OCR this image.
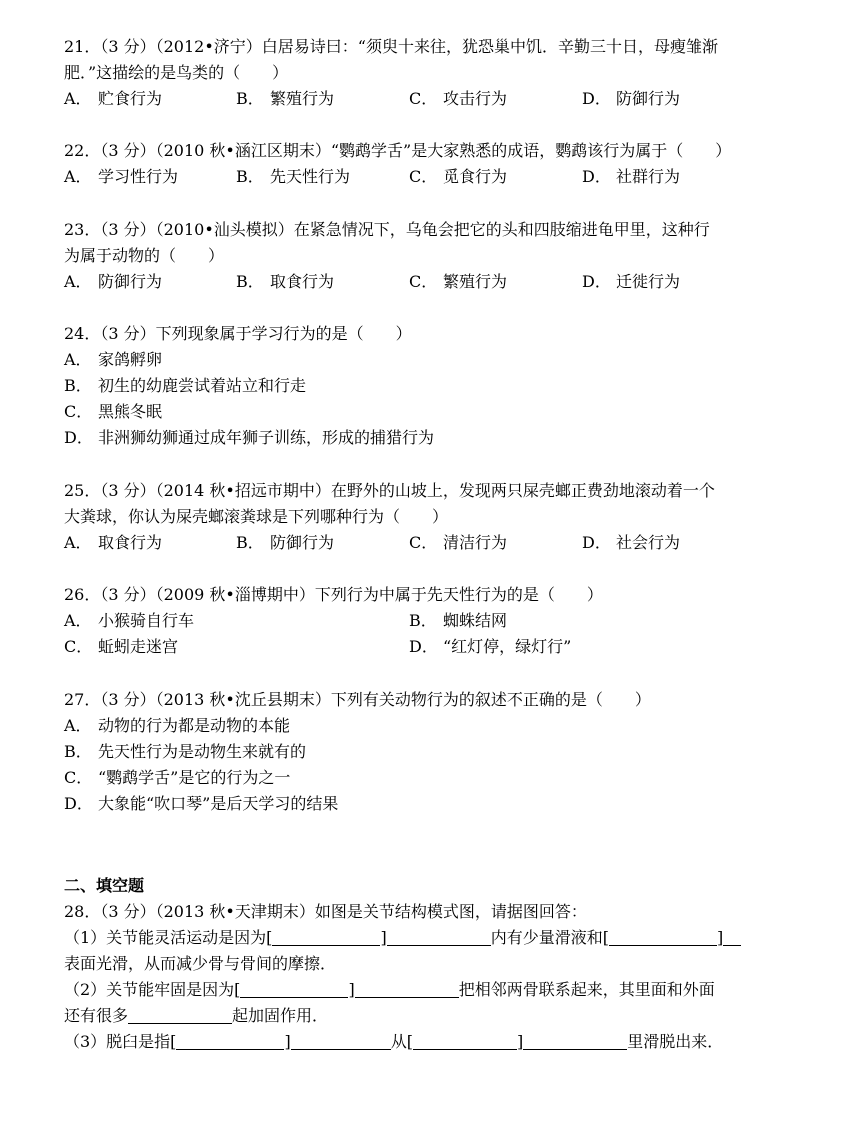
21．（3 分）（2012•济宁）白居易诗曰：“须臾十来往，犹恐巢中饥．辛勤三十日，母瘦雏渐
肥．”这描绘的是鸟类的（　　）
A． 贮食行为	B． 繁殖行为	C． 攻击行为	D． 防御行为
22．（3 分）（2010 秋•涵江区期末）“鹦鹉学舌”是大家熟悉的成语，鹦鹉该行为属于（　　）
A． 学习性行为	B． 先天性行为	C． 觅食行为	D． 社群行为
23．（3 分）（2010•汕头模拟）在紧急情况下，乌龟会把它的头和四肢缩进龟甲里，这种行
为属于动物的（　　）
A． 防御行为	B． 取食行为	C． 繁殖行为	D． 迁徙行为
24．（3 分）下列现象属于学习行为的是（　　）
A． 家鸽孵卵
B． 初生的幼鹿尝试着站立和行走
C． 黑熊冬眠
D． 非洲狮幼狮通过成年狮子训练，形成的捕猎行为
25．（3 分）（2014 秋•招远市期中）在野外的山坡上，发现两只屎壳螂正费劲地滚动着一个
大粪球，你认为屎壳螂滚粪球是下列哪种行为（　　）
A． 取食行为	B． 防御行为	C． 清洁行为	D． 社会行为
26．（3 分）（2009 秋•淄博期中）下列行为中属于先天性行为的是（　　）
A． 小猴骑自行车	B． 蜘蛛结网
C． 蚯蚓走迷宫	D． “红灯停，绿灯行”
27．（3 分）（2013 秋•沈丘县期末）下列有关动物行为的叙述不正确的是（　　）
A． 动物的行为都是动物的本能
B． 先天性行为是动物生来就有的
C． “鹦鹉学舌”是它的行为之一
D． 大象能“吹口琴”是后天学习的结果
二、填空题
28．（3 分）（2013 秋•天津期末）如图是关节结构模式图，请据图回答：
（1）关节能灵活运动是因为[	]	内有少量滑液和[	]
表面光滑，从而减少骨与骨间的摩擦．
（2）关节能牢固是因为[	]	把相邻两骨联系起来，其里面和外面
还有很多	起加固作用．
（3）脱臼是指[	]	从[	]	里滑脱出来．
